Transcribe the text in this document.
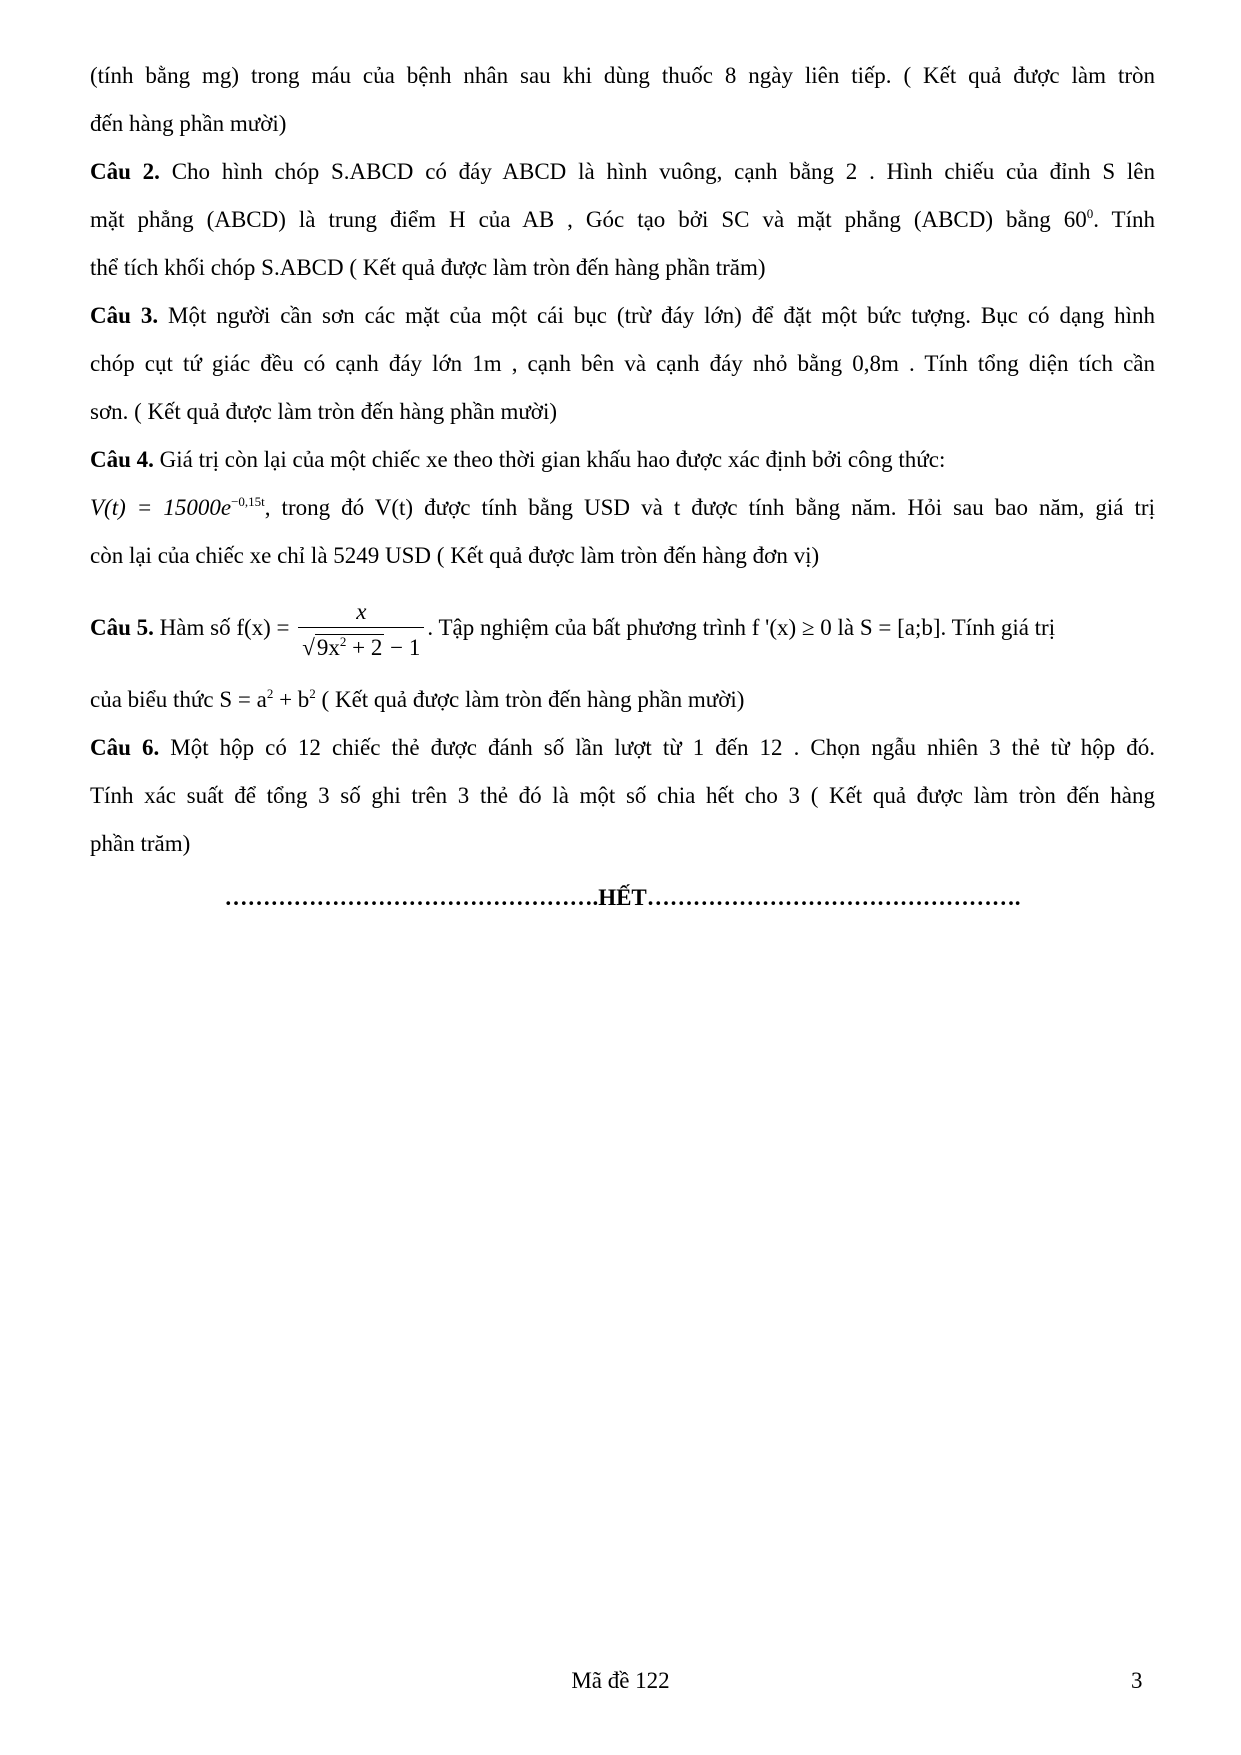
(tính bằng mg) trong máu của bệnh nhân sau khi dùng thuốc 8 ngày liên tiếp. ( Kết quả được làm tròn
đến hàng phần mười)
Câu 2. Cho hình chóp S.ABCD có đáy ABCD là hình vuông, cạnh bằng 2 . Hình chiếu của đỉnh S lên
mặt phẳng (ABCD) là trung điểm H của AB , Góc tạo bởi SC và mặt phẳng (ABCD) bằng $60^0$. Tính
thể tích khối chóp S.ABCD ( Kết quả được làm tròn đến hàng phần trăm)
Câu 3. Một người cần sơn các mặt của một cái bục (trừ đáy lớn) để đặt một bức tượng. Bục có dạng hình
chóp cụt tứ giác đều có cạnh đáy lớn 1m , cạnh bên và cạnh đáy nhỏ bằng 0,8m . Tính tổng diện tích cần
sơn. ( Kết quả được làm tròn đến hàng phần mười)
Câu 4. Giá trị còn lại của một chiếc xe theo thời gian khấu hao được xác định bởi công thức:
$V(t) = 15000e^{-0,15t}$, trong đó V(t) được tính bằng USD và t được tính bằng năm. Hỏi sau bao năm, giá trị
còn lại của chiếc xe chỉ là 5249 USD ( Kết quả được làm tròn đến hàng đơn vị)
Câu 5. Hàm số $f(x) = \frac{x}{√9x^2 + 2 - 1}$ . Tập nghiệm của bất phương trình f '(x) ≥ 0 là S = [a;b]. Tính giá trị
của biểu thức $S = a^2 + b^2$ ( Kết quả được làm tròn đến hàng phần mười)
Câu 6. Một hộp có 12 chiếc thẻ được đánh số lần lượt từ 1 đến 12 . Chọn ngẫu nhiên 3 thẻ từ hộp đó.
Tính xác suất để tổng 3 số ghi trên 3 thẻ đó là một số chia hết cho 3 ( Kết quả được làm tròn đến hàng
phần trăm)
………………………………………….HẾT………………………………………….
Mã đề 122	3
